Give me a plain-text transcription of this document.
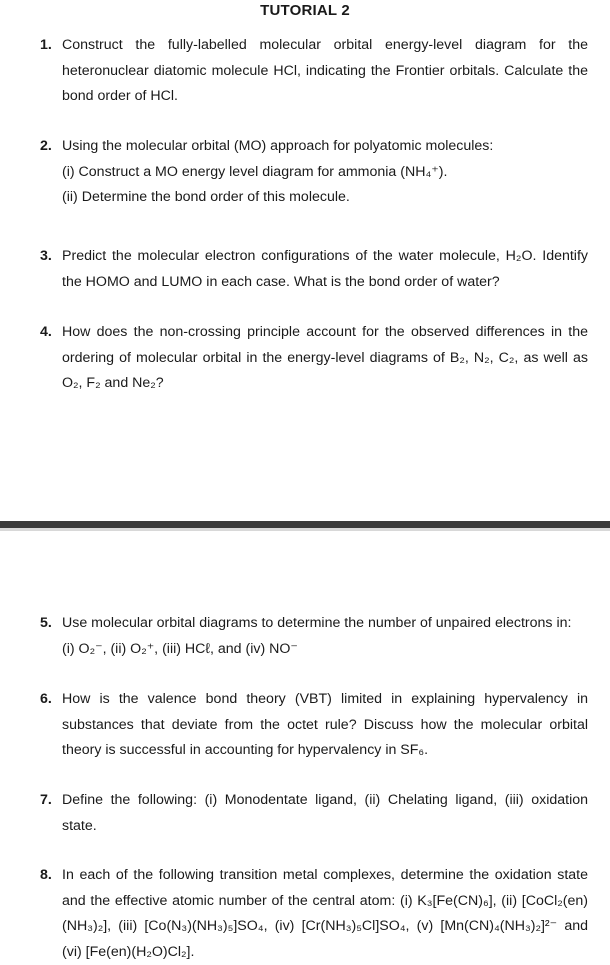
TUTORIAL 2
1. Construct the fully-labelled molecular orbital energy-level diagram for the heteronuclear diatomic molecule HCl, indicating the Frontier orbitals. Calculate the bond order of HCl.
2. Using the molecular orbital (MO) approach for polyatomic molecules:
(i) Construct a MO energy level diagram for ammonia (NH₄⁺).
(ii) Determine the bond order of this molecule.
3. Predict the molecular electron configurations of the water molecule, H₂O. Identify the HOMO and LUMO in each case. What is the bond order of water?
4. How does the non-crossing principle account for the observed differences in the ordering of molecular orbital in the energy-level diagrams of B₂, N₂, C₂, as well as O₂, F₂ and Ne₂?
5. Use molecular orbital diagrams to determine the number of unpaired electrons in:
(i) O₂⁻, (ii) O₂⁺, (iii) HCℓ, and (iv) NO⁻
6. How is the valence bond theory (VBT) limited in explaining hypervalency in substances that deviate from the octet rule? Discuss how the molecular orbital theory is successful in accounting for hypervalency in SF₆.
7. Define the following: (i) Monodentate ligand, (ii) Chelating ligand, (iii) oxidation state.
8. In each of the following transition metal complexes, determine the oxidation state and the effective atomic number of the central atom: (i) K₃[Fe(CN)₆], (ii) [CoCl₂(en)(NH₃)₂], (iii) [Co(N₃)(NH₃)₅]SO₄, (iv) [Cr(NH₃)₅Cl]SO₄, (v) [Mn(CN)₄(NH₃)₂]²⁻ and (vi) [Fe(en)(H₂O)Cl₂].
